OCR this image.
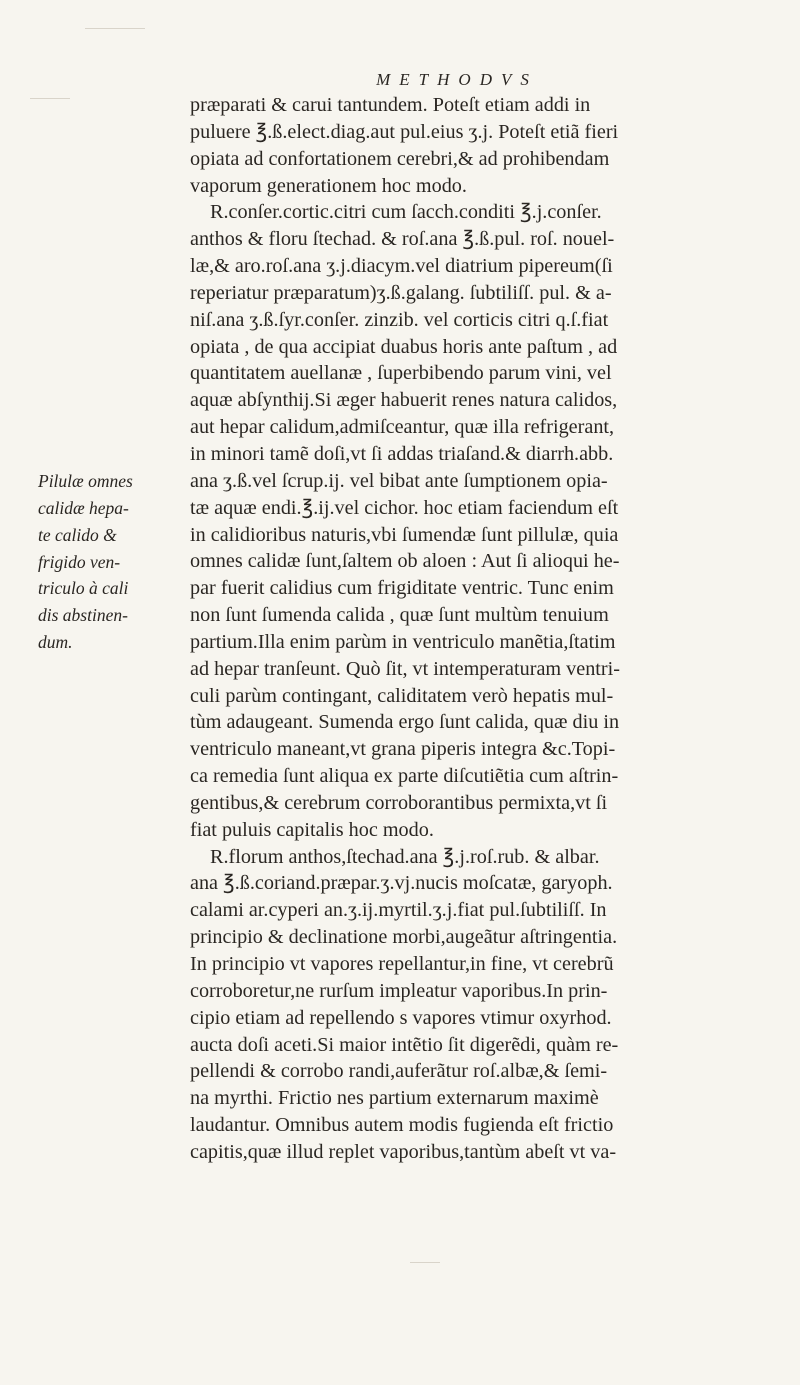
METHODVS
Pilulæ omnes
calidæ hepa-
te calido &
frigido ven-
triculo à cali
dis abstinen-
dum.
præparati & carui tantundem. Poteſt etiam addi in
puluere ℥.ß.elect.diag.aut pul.eius ʒ.j. Poteſt etiã fieri
opiata ad confortationem cerebri,& ad prohibendam
vaporum generationem hoc modo.
R.conſer.cortic.citri cum ſacch.conditi ℥.j.conſer.
anthos & floru ſtechad. & roſ.ana ℥.ß.pul. roſ. nouel-
læ,& aro.roſ.ana ʒ.j.diacym.vel diatrium pipereum(ſi
reperiatur præparatum)ʒ.ß.galang. ſubtiliſſ. pul. & a-
niſ.ana ʒ.ß.ſyr.conſer. zinzib. vel corticis citri q.ſ.fiat
opiata , de qua accipiat duabus horis ante paſtum , ad
quantitatem auellanæ , ſuperbibendo parum vini, vel
aquæ abſynthij.Si æger habuerit renes natura calidos,
aut hepar calidum,admiſceantur, quæ illa refrigerant,
in minori tamẽ doſi,vt ſi addas triaſand.& diarrh.abb.
ana ʒ.ß.vel ſcrup.ij. vel bibat ante ſumptionem opia-
tæ aquæ endi.℥.ij.vel cichor. hoc etiam faciendum eſt
in calidioribus naturis,vbi ſumendæ ſunt pillulæ, quia
omnes calidæ ſunt,ſaltem ob aloen : Aut ſi alioqui he-
par fuerit calidius cum frigiditate ventric. Tunc enim
non ſunt ſumenda calida , quæ ſunt multùm tenuium
partium.Illa enim parùm in ventriculo manẽtia,ſtatim
ad hepar tranſeunt. Quò ſit, vt intemperaturam ventri-
culi parùm contingant, caliditatem verò hepatis mul-
tùm adaugeant. Sumenda ergo ſunt calida, quæ diu in
ventriculo maneant,vt grana piperis integra &c.Topi-
ca remedia ſunt aliqua ex parte diſcutiẽtia cum aſtrin-
gentibus,& cerebrum corroborantibus permixta,vt ſi
fiat puluis capitalis hoc modo.
R.florum anthos,ſtechad.ana ℥.j.roſ.rub. & albar.
ana ℥.ß.coriand.præpar.ʒ.vj.nucis moſcatæ, garyoph.
calami ar.cyperi an.ʒ.ij.myrtil.ʒ.j.fiat pul.ſubtiliſſ. In
principio & declinatione morbi,augeãtur aſtringentia.
In principio vt vapores repellantur,in fine, vt cerebrũ
corroboretur,ne rurſum impleatur vaporibus.In prin-
cipio etiam ad repellendo s vapores vtimur oxyrhod.
aucta doſi aceti.Si maior intẽtio ſit digerẽdi, quàm re-
pellendi & corrobo randi,auferãtur roſ.albæ,& ſemi-
na myrthi. Frictio nes partium externarum maximè
laudantur. Omnibus autem modis fugienda eſt frictio
capitis,quæ illud replet vaporibus,tantùm abeſt vt va-
